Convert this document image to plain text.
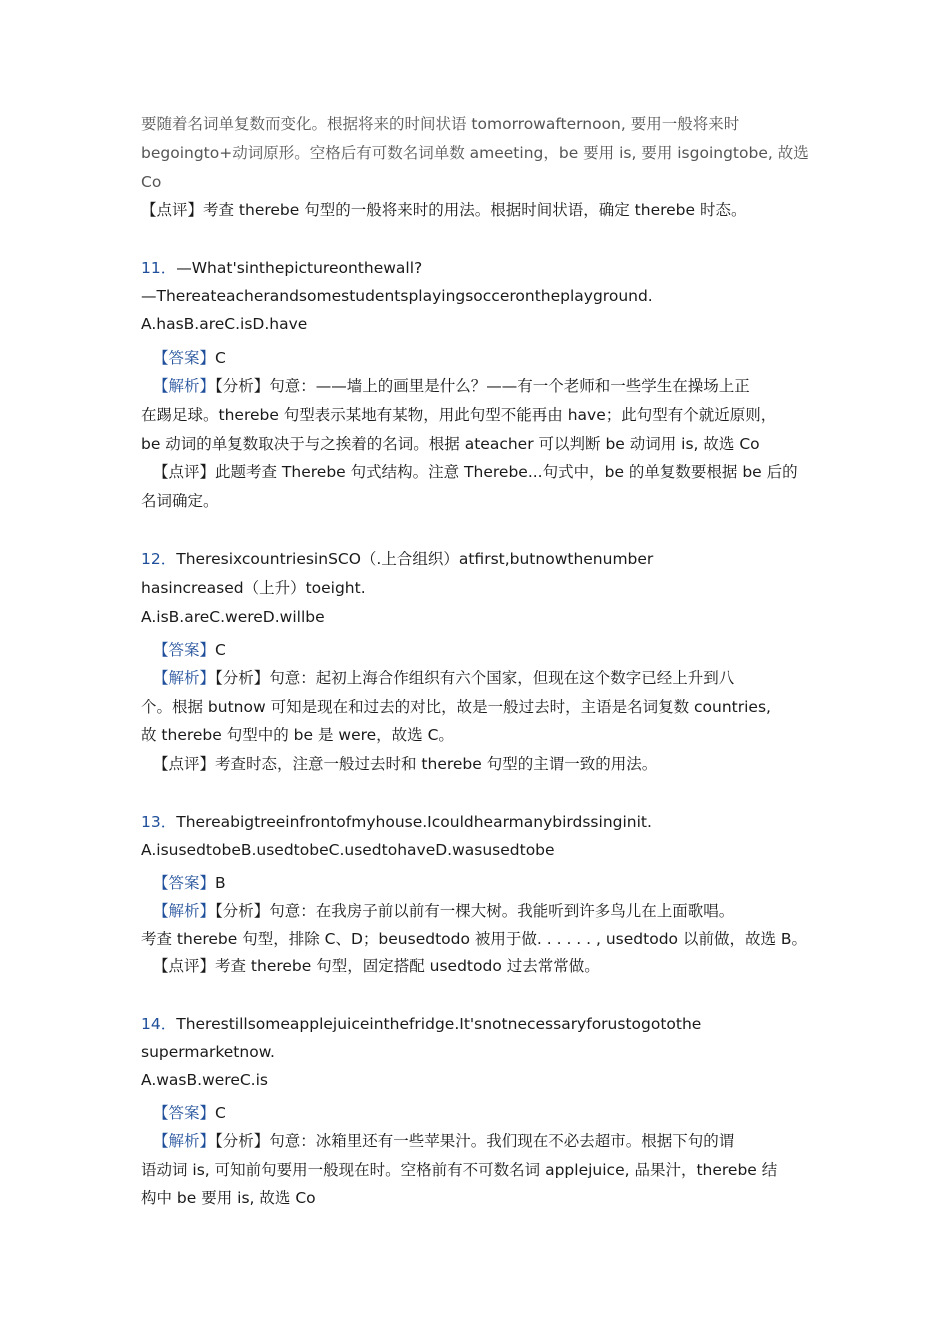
要随着名词单复数而变化。根据将来的时间状语 tomorrowafternoon, 要用一般将来时
begoingto+动词原形。空格后有可数名词单数 ameeting，be 要用 is, 要用 isgoingtobe, 故选
Co
【点评】考查 therebe 句型的一般将来时的用法。根据时间状语，确定 therebe 时态。
11．—What'sinthepictureonthewall?
—Thereateacherandsomestudentsplayingsocceronthepl﻿ayground.
A.hasB.areC.isD.have
【答案】C
【解析】【分析】句意：——墙上的画里是什么？——有一个老师和一些学生在操场上正
在踢足球。therebe 句型表示某地有某物，用此句型不能再由 have；此句型有个就近原则，
be 动词的单复数取决于与之挨着的名词。根据 ateacher 可以判断 be 动词用 is, 故选 Co
【点评】此题考查 Therebe 句式结构。注意 Therebe...句式中，be 的单复数要根据 be 后的
名词确定。
12．TheresixcountriesinSCO（.上合组织）atfirst,butnowthenumber
hasincreased（上升）toeight.
A.isB.areC.wereD.willbe
【答案】C
【解析】【分析】句意：起初上海合作组织有六个国家，但现在这个数字已经上升到八
个。根据 butnow 可知是现在和过去的对比，故是一般过去时，主语是名词复数 countries,
故 therebe 句型中的 be 是 were，故选 C。
【点评】考查时态，注意一般过去时和 therebe 句型的主谓一致的用法。
13．Thereabigtreeinfrontofmyhouse.Icouldhearmanybirdssinginit.
A.isusedtobeB.usedtobeC.usedtohaveD.wasusedtobe
【答案】B
【解析】【分析】句意：在我房子前以前有一棵大树。我能听到许多鸟儿在上面歌唱。
考查 therebe 句型，排除 C、D；beusedtodo 被用于做. . . . . . , usedtodo 以前做，故选 B。
【点评】考查 therebe 句型，固定搭配 usedtodo 过去常常做。
14．Therestillsomeapplejuiceinthefridge.It'snotnecessaryforustogotothe
supermarketnow.
A.wasB.wereC.is
【答案】C
【解析】【分析】句意：冰箱里还有一些苹果汁。我们现在不必去超市。根据下句的谓
语动词 is, 可知前句要用一般现在时。空格前有不可数名词 applejuice, 品果汁，therebe 结
构中 be 要用 is, 故选 Co
